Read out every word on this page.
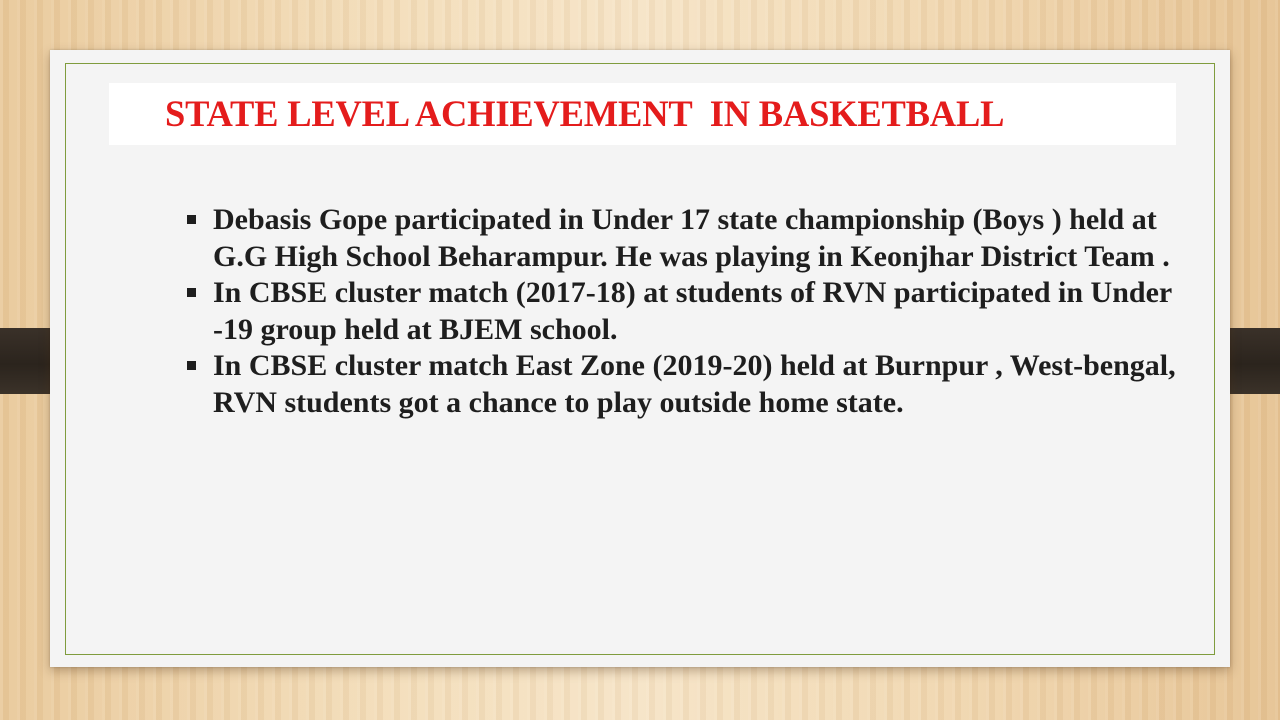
STATE LEVEL ACHIEVEMENT  IN BASKETBALL
Debasis Gope participated in Under 17 state championship (Boys ) held at G.G High School Beharampur. He was playing in Keonjhar District Team .
In CBSE cluster match (2017-18) at students of RVN participated in Under -19 group held at BJEM school.
In CBSE cluster match East Zone (2019-20) held at Burnpur , West-bengal, RVN students got a chance to play outside home state.
